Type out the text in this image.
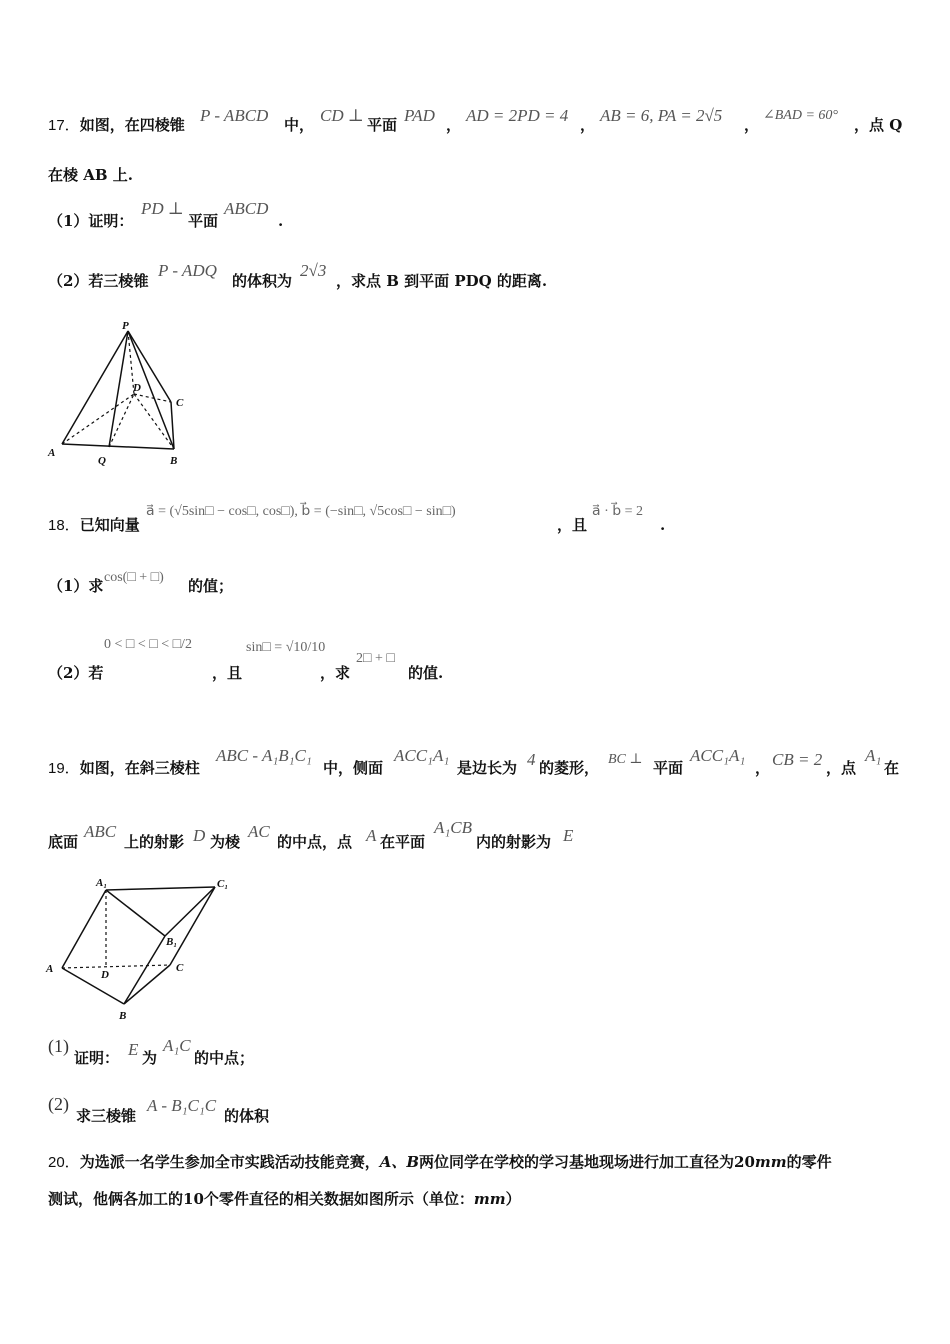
17．如图，在四棱锥 P - ABCD 中， CD ⊥ 平面 PAD ， AD = 2PD = 4 ， AB = 6, PA = 2√5 ，
∠BAD = 60°
，点 Q
在棱 AB 上.
（1）证明：
PD ⊥
平面
ABCD
.
（2）若三棱锥
P - ADQ
的体积为
2√3
，求点 B 到平面 PDQ 的距离.
P
D
C
A
Q	B
18．已知向量
a⃗ = (√5sin□ − cos□, cos□), b⃗ = (−sin□, √5cos□ − sin□)
，且
a⃗ · b⃗ = 2
.
（1）求 cos(□ + □) 的值；
0 < □ < □ < □/2	sin□ = √10/10
（2）若	，且	，求
2□ + □
的值.
19．如图，在斜三棱柱
ABC - A₁B₁C₁
中，侧面
ACC₁A₁
是边长为 4 的菱形， BC ⊥ 平面
ACC₁A₁
， CB = 2 ，点
A₁
在
底面
ABC
上的射影 D 为棱
AC
的中点，点 A 在平面
A₁CB
内的射影为 E
A₁	C₁
B₁
A	D
C
B
(1)
证明： E 为
A₁C
的中点；
(2)
求三棱锥
A - B₁C₁C
的体积
20．为选派一名学生参加全市实践活动技能竞赛，A、B两位同学在学校的学习基地现场进行加工直径为20mm的零件
测试，他俩各加工的10个零件直径的相关数据如图所示（单位：mm）
